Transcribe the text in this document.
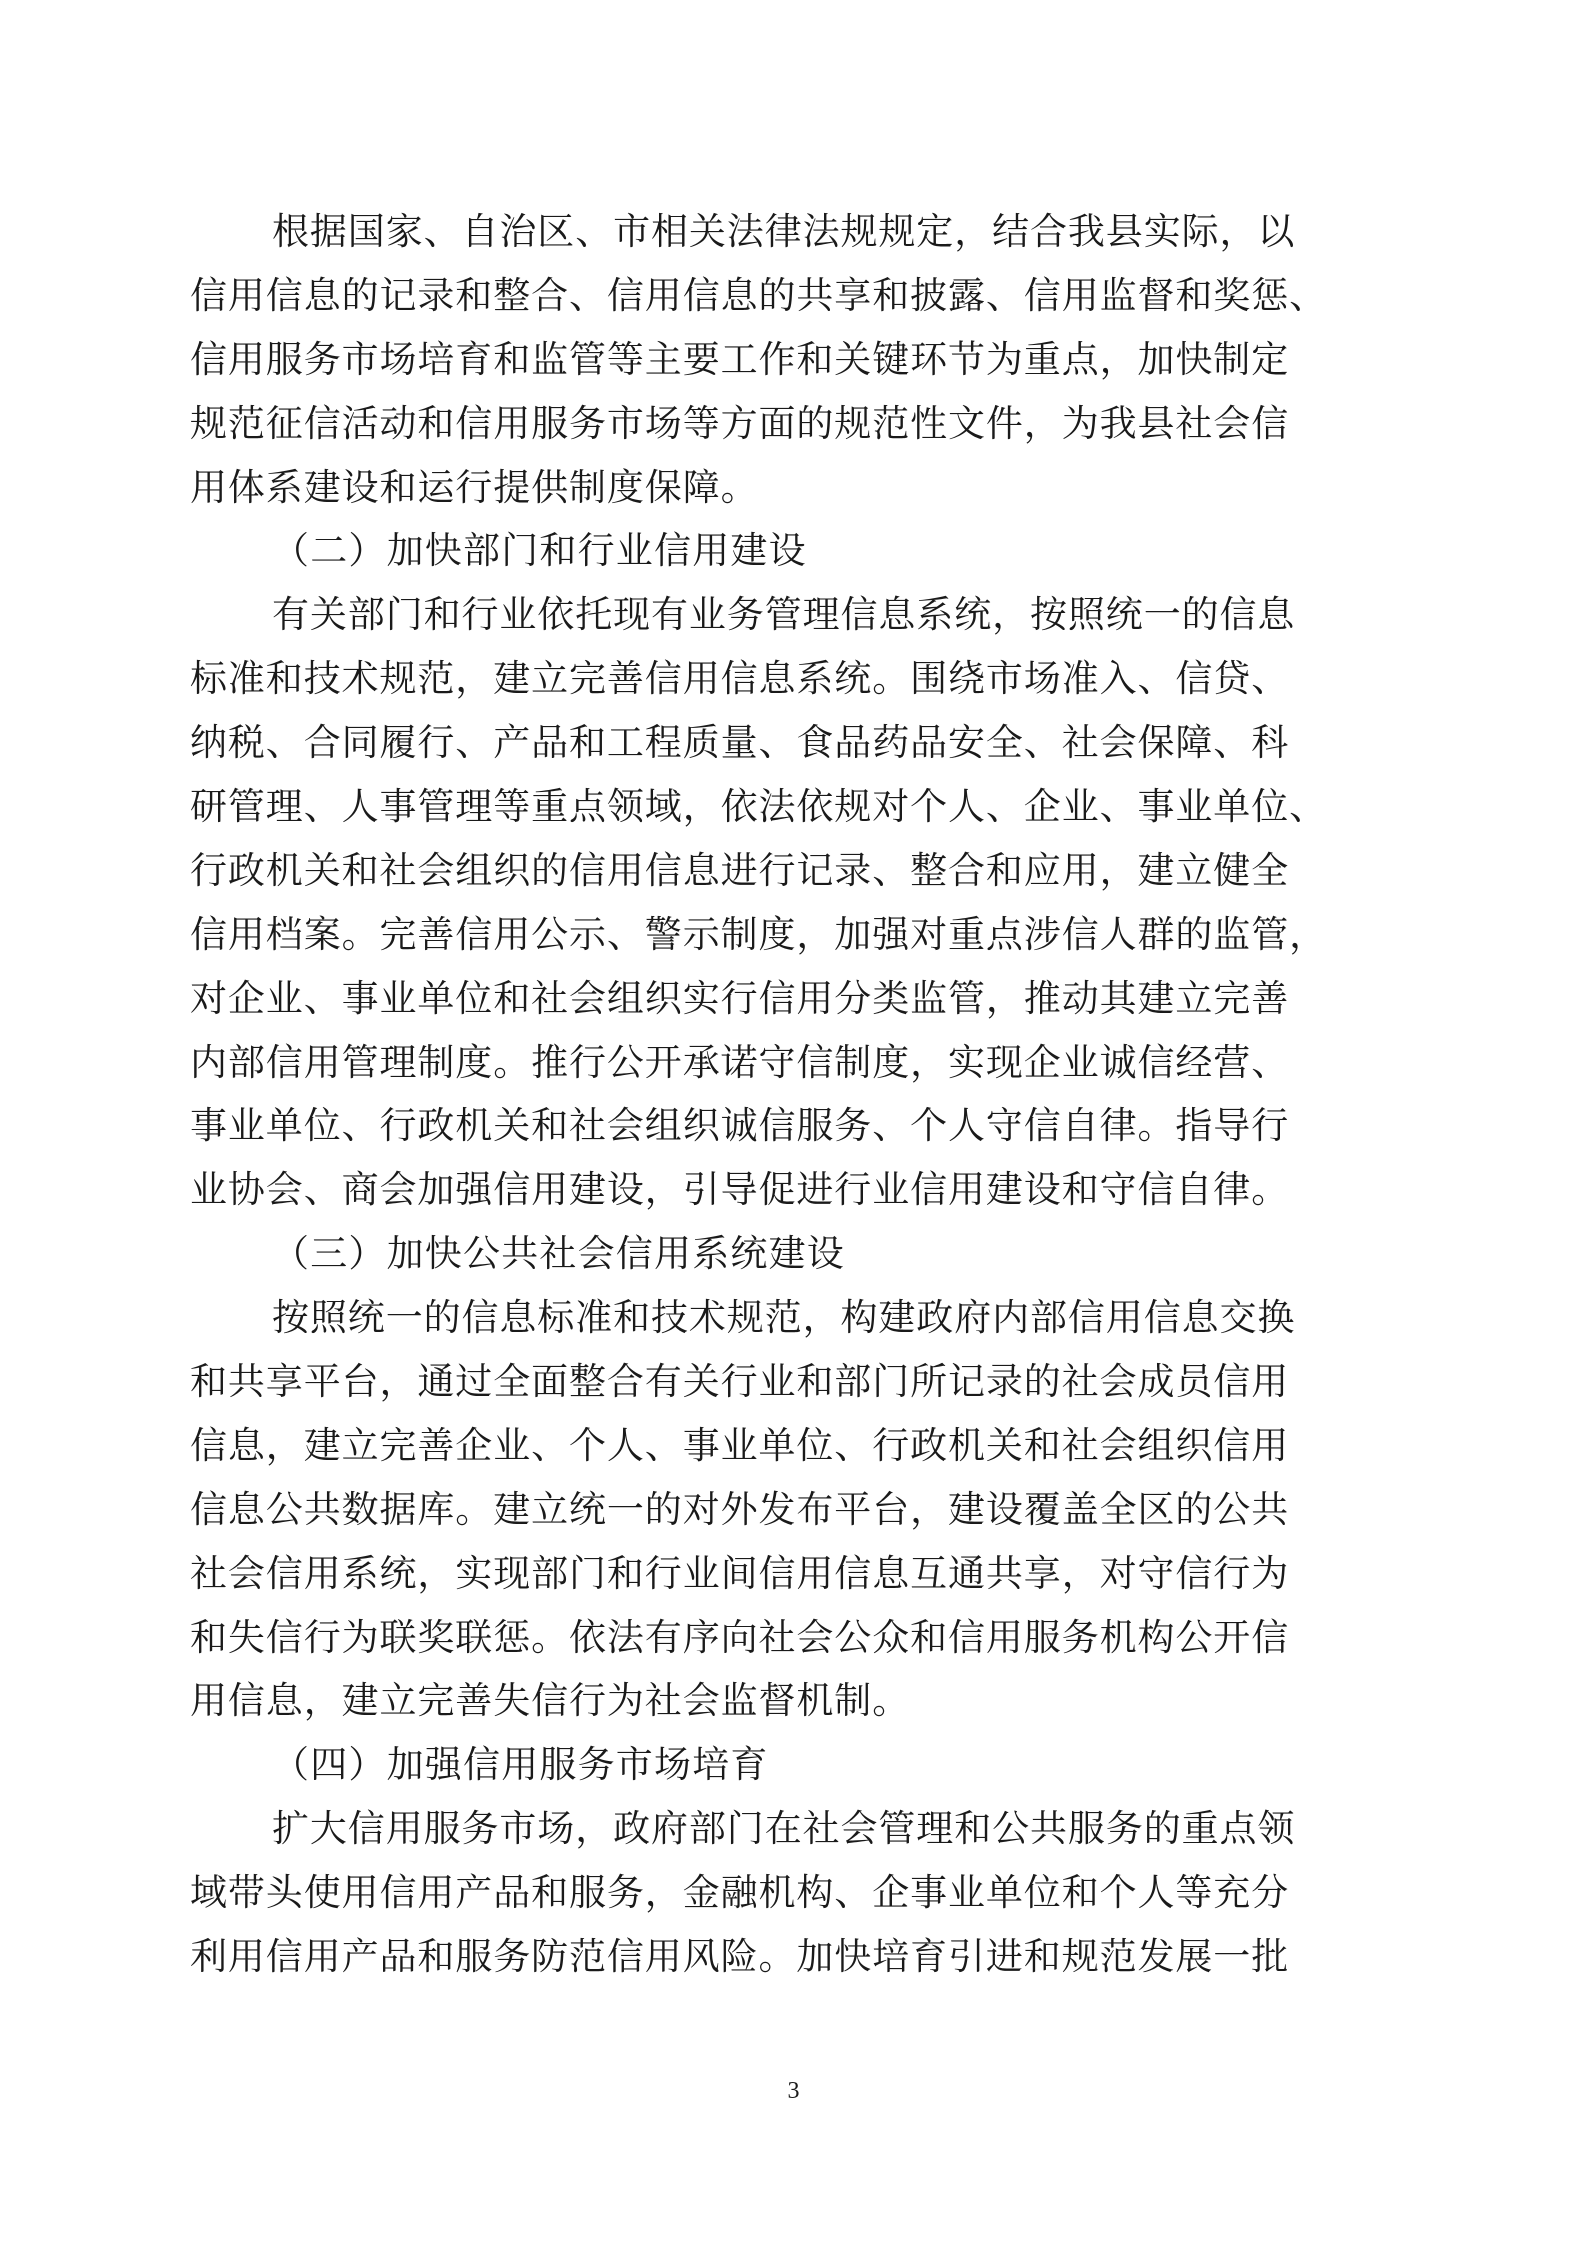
根据国家、自治区、市相关法律法规规定，结合我县实际，以
信用信息的记录和整合、信用信息的共享和披露、信用监督和奖惩、
信用服务市场培育和监管等主要工作和关键环节为重点，加快制定
规范征信活动和信用服务市场等方面的规范性文件，为我县社会信
用体系建设和运行提供制度保障。
（二）加快部门和行业信用建设
有关部门和行业依托现有业务管理信息系统，按照统一的信息
标准和技术规范，建立完善信用信息系统。围绕市场准入、信贷、
纳税、合同履行、产品和工程质量、食品药品安全、社会保障、科
研管理、人事管理等重点领域，依法依规对个人、企业、事业单位、
行政机关和社会组织的信用信息进行记录、整合和应用，建立健全
信用档案。完善信用公示、警示制度，加强对重点涉信人群的监管，
对企业、事业单位和社会组织实行信用分类监管，推动其建立完善
内部信用管理制度。推行公开承诺守信制度，实现企业诚信经营、
事业单位、行政机关和社会组织诚信服务、个人守信自律。指导行
业协会、商会加强信用建设，引导促进行业信用建设和守信自律。
（三）加快公共社会信用系统建设
按照统一的信息标准和技术规范，构建政府内部信用信息交换
和共享平台，通过全面整合有关行业和部门所记录的社会成员信用
信息，建立完善企业、个人、事业单位、行政机关和社会组织信用
信息公共数据库。建立统一的对外发布平台，建设覆盖全区的公共
社会信用系统，实现部门和行业间信用信息互通共享，对守信行为
和失信行为联奖联惩。依法有序向社会公众和信用服务机构公开信
用信息，建立完善失信行为社会监督机制。
（四）加强信用服务市场培育
扩大信用服务市场，政府部门在社会管理和公共服务的重点领
域带头使用信用产品和服务，金融机构、企事业单位和个人等充分
利用信用产品和服务防范信用风险。加快培育引进和规范发展一批
3
